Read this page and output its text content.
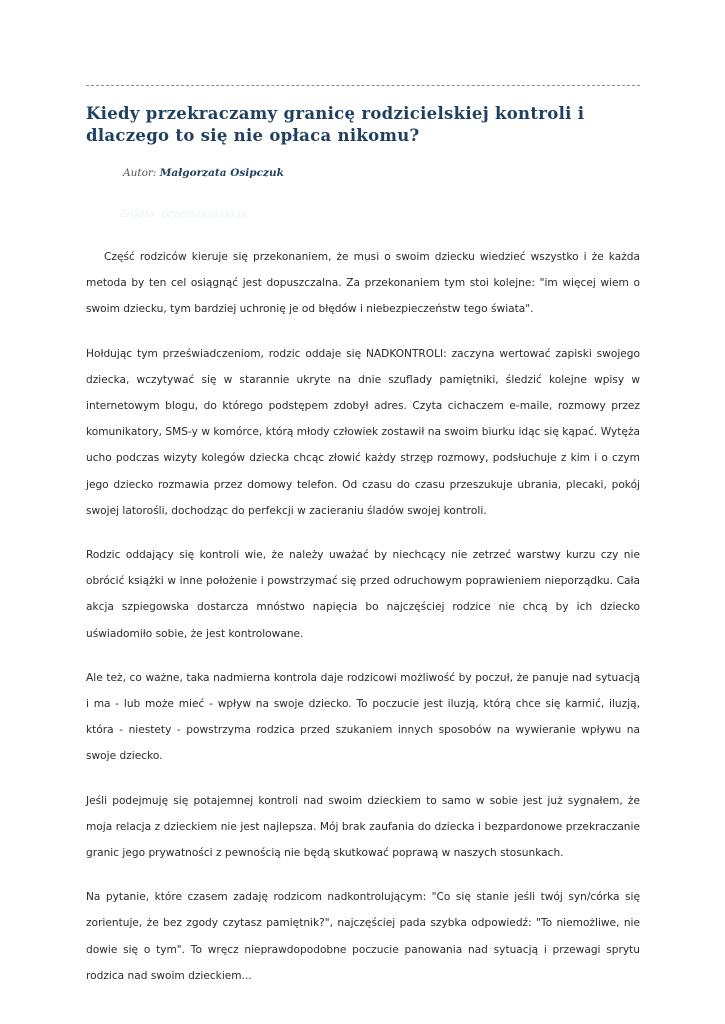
Kiedy przekraczamy granicę rodzicielskiej kontroli i dlaczego to się nie opłaca nikomu?
Autor: Małgorzata Osipczuk
Źródło: przedszkolaki.pl

Część rodziców kieruje się przekonaniem, że musi o swoim dziecku wiedzieć wszystko i że każda metoda by ten cel osiągnąć jest dopuszczalna. Za przekonaniem tym stoi kolejne: "im więcej wiem o swoim dziecku, tym bardziej uchronię je od błędów i niebezpieczeństw tego świata".

Hołdując tym przeświadczeniom, rodzic oddaje się NADKONTROLI: zaczyna wertować zapiski swojego dziecka, wczytywać się w starannie ukryte na dnie szuflady pamiętniki, śledzić kolejne wpisy w internetowym blogu, do którego podstępem zdobył adres. Czyta cichaczem e-maile, rozmowy przez komunikatory, SMS-y w komórce, którą młody człowiek zostawił na swoim biurku idąc się kąpać. Wytęża ucho podczas wizyty kolegów dziecka chcąc złowić każdy strzęp rozmowy, podsłuchuje z kim i o czym jego dziecko rozmawia przez domowy telefon. Od czasu do czasu przeszukuje ubrania, plecaki, pokój swojej latorośli, dochodząc do perfekcji w zacieraniu śladów swojej kontroli.

Rodzic oddający się kontroli wie, że należy uważać by niechcący nie zetrzeć warstwy kurzu czy nie obrócić książki w inne położenie i powstrzymać się przed odruchowym poprawieniem nieporządku. Cała akcja szpiegowska dostarcza mnóstwo napięcia bo najczęściej rodzice nie chcą by ich dziecko uświadomiło sobie, że jest kontrolowane.

Ale też, co ważne, taka nadmierna kontrola daje rodzicowi możliwość by poczuł, że panuje nad sytuacją i ma - lub może mieć - wpływ na swoje dziecko. To poczucie jest iluzją, którą chce się karmić, iluzją, która - niestety - powstrzyma rodzica przed szukaniem innych sposobów na wywieranie wpływu na swoje dziecko.

Jeśli podejmuję się potajemnej kontroli nad swoim dzieckiem to samo w sobie jest już sygnałem, że moja relacja z dzieckiem nie jest najlepsza. Mój brak zaufania do dziecka i bezpardonowe przekraczanie granic jego prywatności z pewnością nie będą skutkować poprawą w naszych stosunkach.

Na pytanie, które czasem zadaję rodzicom nadkontrolującym: "Co się stanie jeśli twój syn/córka się zorientuje, że bez zgody czytasz pamiętnik?", najczęściej pada szybka odpowiedź: "To niemożliwe, nie dowie się o tym". To wręcz nieprawdopodobne poczucie panowania nad sytuacją i przewagi sprytu rodzica nad swoim dzieckiem...
